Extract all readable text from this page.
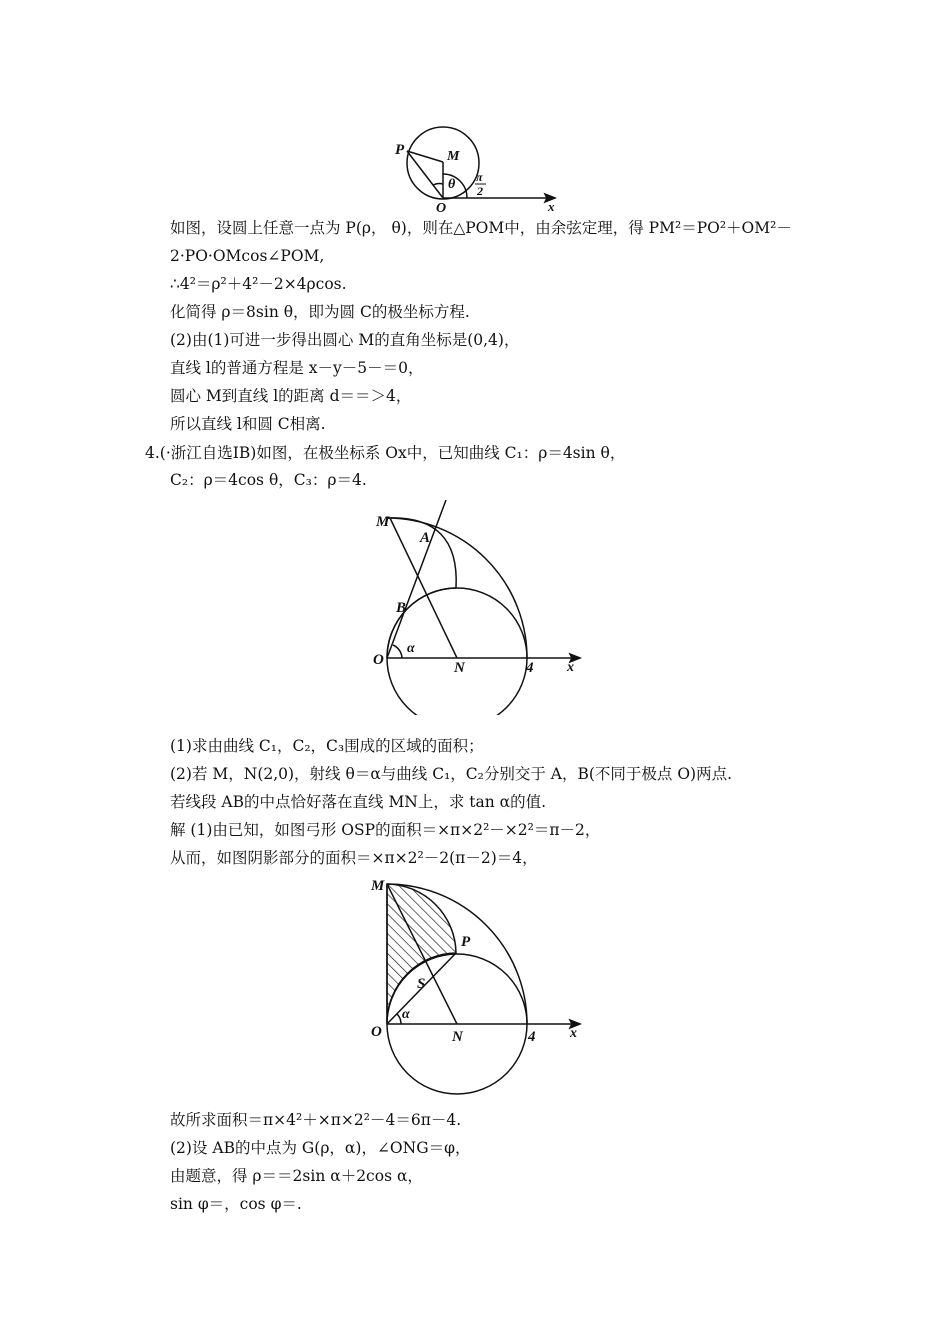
P	M
O
θ π
2
x
如图，设圆上任意一点为 P(ρ， θ)，则在△POM中，由余弦定理，得 PM²＝PO²＋OM²－
2·PO·OMcos∠POM,
∴4²＝ρ²＋4²－2×4ρcos.
化简得 ρ＝8sin θ，即为圆 C的极坐标方程.
(2)由(1)可进一步得出圆心 M的直角坐标是(0,4)，
直线 l的普通方程是 x－y－5－＝0，
圆心 M到直线 l的距离 d＝＝＞4，
所以直线 l和圆 C相离.
4.(·浙江自选IB)如图，在极坐标系 Ox中，已知曲线 C₁：ρ＝4sin θ，
C₂：ρ＝4cos θ，C₃：ρ＝4.
M
A
B
O
α
N	4 x
(1)求由曲线 C₁，C₂，C₃围成的区域的面积；
(2)若 M，N(2,0)，射线 θ＝α与曲线 C₁，C₂分别交于 A，B(不同于极点 O)两点.
若线段 AB的中点恰好落在直线 MN上，求 tan α的值.
解 (1)由已知，如图弓形 OSP的面积＝×π×2²－×2²＝π－2，
从而，如图阴影部分的面积＝×π×2²－2(π－2)＝4，
M
P
S
O
α
N	4 x
故所求面积＝π×4²＋×π×2²－4＝6π－4.
(2)设 AB的中点为 G(ρ，α)，∠ONG＝φ，
由题意，得 ρ＝＝2sin α＋2cos α，
sin φ＝，cos φ＝.
